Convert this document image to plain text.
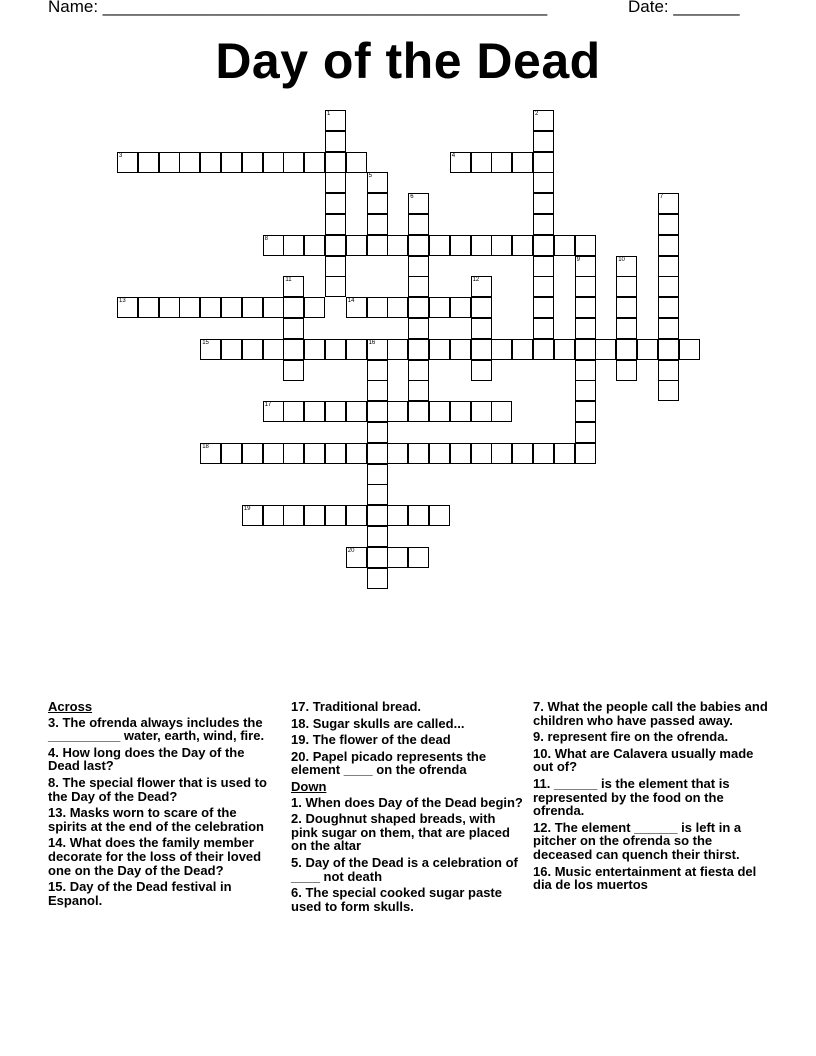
Name: _______________________________________________	Date: _______
Day of the Dead
1	2
3	4
5
6	7
8
9	10
11	12
13	14
15	16
17
18
19
20
Across
3. The ofrenda always includes the __________ water, earth, wind, fire.
4. How long does the Day of the Dead last?
8. The special flower that is used to the Day of the Dead?
13. Masks worn to scare of the spirits at the end of the celebration
14. What does the family member decorate for the loss of their loved one on the Day of the Dead?
15. Day of the Dead festival in Espanol.
17. Traditional bread.
18. Sugar skulls are called...
19. The flower of the dead
20. Papel picado represents the element ____ on the ofrenda
Down
1. When does Day of the Dead begin?
2. Doughnut shaped breads, with pink sugar on them, that are placed on the altar
5. Day of the Dead is a celebration of ____ not death
6. The special cooked sugar paste used to form skulls.
7. What the people call the babies and children who have passed away.
9. represent fire on the ofrenda.
10. What are Calavera usually made out of?
11. ______ is the element that is represented by the food on the ofrenda.
12. The element ______ is left in a pitcher on the ofrenda so the deceased can quench their thirst.
16. Music entertainment at fiesta del dia de los muertos
